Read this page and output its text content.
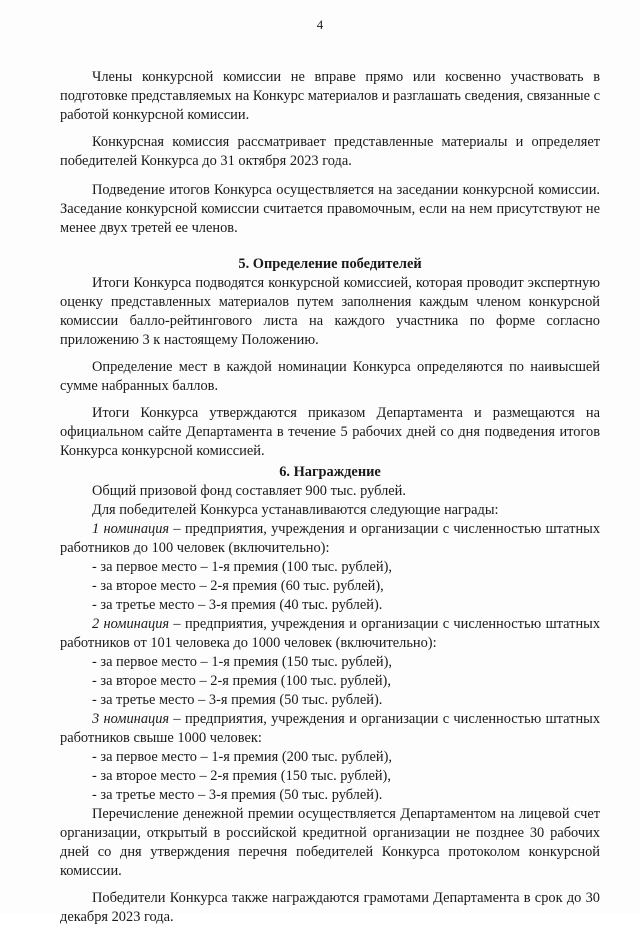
4

Члены конкурсной комиссии не вправе прямо или косвенно участвовать в подготовке представляемых на Конкурс материалов и разглашать сведения, связанные с работой конкурсной комиссии.

Конкурсная комиссия рассматривает представленные материалы и определяет победителей Конкурса до 31 октября 2023 года.

Подведение итогов Конкурса осуществляется на заседании конкурсной комиссии. Заседание конкурсной комиссии считается правомочным, если на нем присутствуют не менее двух третей ее членов.

5. Определение победителей

Итоги Конкурса подводятся конкурсной комиссией, которая проводит экспертную оценку представленных материалов путем заполнения каждым членом конкурсной комиссии балло-рейтингового листа на каждого участника по форме согласно приложению 3 к настоящему Положению.

Определение мест в каждой номинации Конкурса определяются по наивысшей сумме набранных баллов.

Итоги Конкурса утверждаются приказом Департамента и размещаются на официальном сайте Департамента в течение 5 рабочих дней со дня подведения итогов Конкурса конкурсной комиссией.

6. Награждение

Общий призовой фонд составляет 900 тыс. рублей.

Для победителей Конкурса устанавливаются следующие награды:

1 номинация – предприятия, учреждения и организации с численностью штатных работников до 100 человек (включительно):

- за первое место – 1-я премия (100 тыс. рублей),

- за второе место – 2-я премия (60 тыс. рублей),

- за третье место – 3-я премия (40 тыс. рублей).

2 номинация – предприятия, учреждения и организации с численностью штатных работников от 101 человека до 1000 человек (включительно):

- за первое место – 1-я премия (150 тыс. рублей),

- за второе место – 2-я премия (100 тыс. рублей),

- за третье место – 3-я премия (50 тыс. рублей).

3 номинация – предприятия, учреждения и организации с численностью штатных работников свыше 1000 человек:

- за первое место – 1-я премия (200 тыс. рублей),

- за второе место – 2-я премия (150 тыс. рублей),

- за третье место – 3-я премия (50 тыс. рублей).

Перечисление денежной премии осуществляется Департаментом на лицевой счет организации, открытый в российской кредитной организации не позднее 30 рабочих дней со дня утверждения перечня победителей Конкурса протоколом конкурсной комиссии.

Победители Конкурса также награждаются грамотами Департамента в срок до 30 декабря 2023 года.
